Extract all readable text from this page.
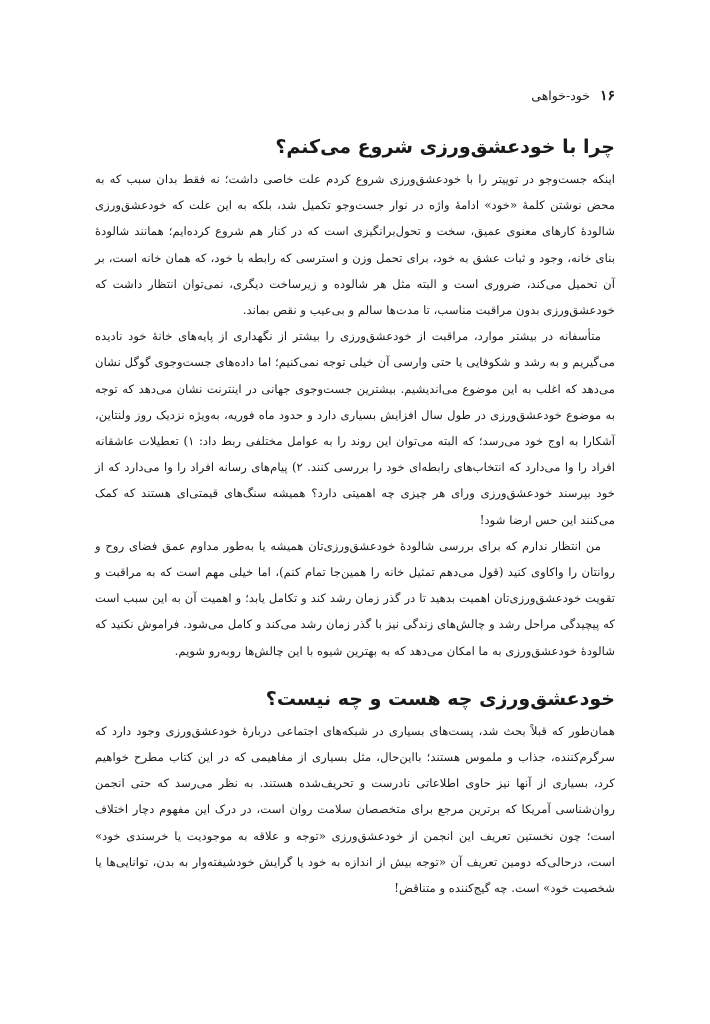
۱۶
خود-خواهی
چرا با خودعشق‌ورزی شروع می‌کنم؟

اینکه جست‌وجو در توییتر را با خودعشق‌ورزی شروع کردم علت خاصی داشت؛ نه فقط بدان سبب که به محض نوشتن کلمهٔ «خود» ادامهٔ واژه در نوار جست‌وجو تکمیل شد، بلکه به این علت که خودعشق‌ورزی شالودهٔ کارهای معنوی عمیق، سخت و تحول‌برانگیزی است که در کنار هم شروع کرده‌ایم؛ همانند شالودهٔ بنای خانه، وجود و ثبات عشق به خود، برای تحمل وزن و استرسی که رابطه با خود، که همان خانه است، بر آن تحمیل می‌کند، ضروری است و البته مثل هر شالوده و زیرساخت دیگری، نمی‌توان انتظار داشت که خودعشق‌ورزی بدون مراقبت مناسب، تا مدت‌ها سالم و بی‌عیب و نقص بماند.

متأسفانه در بیشتر موارد، مراقبت از خودعشق‌ورزی را بیشتر از نگهداری از پایه‌های خانهٔ خود نادیده می‌گیریم و به رشد و شکوفایی یا حتی وارسی آن خیلی توجه نمی‌کنیم؛ اما داده‌های جست‌وجوی گوگل نشان می‌دهد که اغلب به این موضوع می‌اندیشیم. بیشترین جست‌وجوی جهانی در اینترنت نشان می‌دهد که توجه به موضوع خودعشق‌ورزی در طول سال افزایش بسیاری دارد و حدود ماه فوریه، به‌ویژه نزدیک روز ولنتاین، آشکارا به اوج خود می‌رسد؛ که البته می‌توان این روند را به عوامل مختلفی ربط داد: ۱) تعطیلات عاشقانه افراد را وا می‌دارد که انتخاب‌های رابطه‌ای خود را بررسی کنند. ۲) پیام‌های رسانه افراد را وا می‌دارد که از خود بپرسند خودعشق‌ورزی ورای هر چیزی چه اهمیتی دارد؟ همیشه سنگ‌های قیمتی‌ای هستند که کمک می‌کنند این حس ارضا شود!

من انتظار ندارم که برای بررسی شالودهٔ خودعشق‌ورزی‌تان همیشه یا به‌طور مداوم عمق فضای روح و روانتان را واکاوی کنید (قول می‌دهم تمثیل خانه را همین‌جا تمام کنم)، اما خیلی مهم است که به مراقبت و تقویت خودعشق‌ورزی‌تان اهمیت بدهید تا در گذر زمان رشد کند و تکامل یابد؛ و اهمیت آن به این سبب است که پیچیدگی مراحل رشد و چالش‌های زندگی نیز با گذر زمان رشد می‌کند و کامل می‌شود. فراموش نکنید که شالودهٔ خودعشق‌ورزی به ما امکان می‌دهد که به بهترین شیوه با این چالش‌ها روبه‌رو شویم.

خودعشق‌ورزی چه هست و چه نیست؟

همان‌طور که قبلاً بحث شد، پست‌های بسیاری در شبکه‌های اجتماعی دربارهٔ خودعشق‌ورزی وجود دارد که سرگرم‌کننده، جذاب و ملموس هستند؛ بااین‌حال، مثل بسیاری از مفاهیمی که در این کتاب مطرح خواهیم کرد، بسیاری از آنها نیز حاوی اطلاعاتی نادرست و تحریف‌شده هستند. به نظر می‌رسد که حتی انجمن روان‌شناسی آمریکا که برترین مرجع برای متخصصان سلامت روان است، در درک این مفهوم دچار اختلاف است؛ چون نخستین تعریف این انجمن از خودعشق‌ورزی «توجه و علاقه به موجودیت یا خرسندی خود» است، درحالی‌که دومین تعریف آن «توجه بیش از اندازه به خود یا گرایش خودشیفته‌وار به بدن، توانایی‌ها یا شخصیت خود» است. چه گیج‌کننده و متناقض!
